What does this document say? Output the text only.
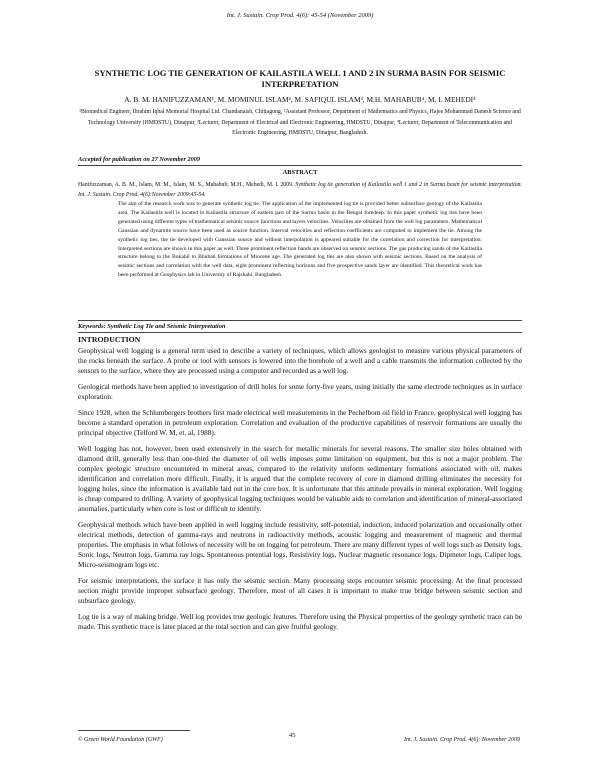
Int. J. Sustain. Crop Prod. 4(6): 45-54 (November 2009)
SYNTHETIC LOG TIE GENERATION OF KAILASTILA WELL 1 AND 2 IN SURMA BASIN FOR SEISMIC INTERPRETATION
A. B. M. HANIFUZZAMAN¹, M. MOMINUL ISLAM², M. SAFIQUL ISLAM³, M.H. MAHABUB⁴, M. I. MEHEDI⁴
¹Biomedical Engineer, Ibrahim Iqbal Memorial Hospital Ltd. Chandanaish, Chittagong, ²Assistant Professor, Department of Mathematics and Physics, Hajee Mohammad Danesh Science and Technology University (HMDSTU), Dinajpur, ³Lecturer, Department of Electrical and Electronic Engineering, HMDSTU, Dinajpur, ⁴Lecturer, Department of Telecommunication and Electronic Engineering, HMDSTU, Dinajpur, Bangladesh.
Accepted for publication on 27 November 2009
ABSTRACT
Hanifuzzaman, A. B. M., Islam, M. M., Islam, M. S., Mahabub, M.H., Mehedi, M. I. 2009. Synthetic log tie generation of Kailastila well 1 and 2 in Surma basin for seismic interpretation. Int. J. Sustain. Crop Prod. 4(6):November 2009:45-54.
The aim of the research work was to generate synthetic log tie. The application of the implemented log tie is provided better subsurface geology of the Kailastila area. The Kailastila well is located in Kailastila structure of eastern part of the Surma basin in the Bengal foredeep. In this paper synthetic log ties have been generated using different types of mathematical seismic source functions and layers velocities. Velocities are obtained from the well log parameters. Mathematical Gaussian and dynamite source have been used as source function. Interval velocities and reflection coefficients are computed to implement the tie. Among the synthetic log ties, the tie developed with Gaussian source and without interpolation is appeared suitable for the correlation and correction for interpretation. Interpreted sections are shown in this paper as well. Three prominent reflection bands are observed on seismic sections. The gas producing sands of the Kailastila structure belong to the Bokabil to Bhuban formations of Miocene age. The generated log ties are also shown with seismic sections. Based on the analysis of seismic sections and correlation with the well data, eight prominent reflecting horizons and five prospective sands layer are identified. This theoretical work has been performed at Geophysics lab in University of Rajshahi, Bangladesh.
Keywords: Synthetic Log Tie and Seismic Interpretation
INTRODUCTION

Geophysical well logging is a general term used to describe a variety of techniques, which allows geologist to measure various physical parameters of the rocks beneath the surface. A probe or tool with sensors is lowered into the borehole of a well and a cable transmits the information collected by the sensors to the surface, where they are processed using a computer and recorded as a well log.

Geological methods have been applied to investigation of drill holes for some forty-five years, using initially the same electrode techniques as in surface exploration.

Since 1928, when the Schlumbergers brothers first made electrical well measurements in the Pechelbom oil field in France, geophysical well logging has become a standard operation in petroleum exploration. Correlation and evaluation of the productive capabilities of reservoir formations are usually the principal objective (Telford W. M, et. al, 1988).

Well logging has not, however, been used extensively in the search for metallic minerals for several reasons. The smaller size holes obtained with diamond drill, generally less than one-third the diameter of oil wells imposes some limitation on equipment, but this is not a major problem. The complex geologic structure encountered in mineral areas, compared to the relativity uniform sedimentary formations associated with oil, makes identification and correlation more difficult. Finally, it is argued that the complete recovery of core in diamond drilling eliminates the necessity for logging holes, since the information is available laid out in the core box. It is unfortunate that this attitude prevails in mineral exploration. Well logging is cheap compared to drilling. A variety of geophysical logging techniques would be valuable aids to correlation and identification of mineral-associated anomalies, particularly when core is lost or difficult to identify.

Geophysical methods which have been applied in well logging include resistivity, self-potential, induction, induced polarization and occasionally other electrical methods, detection of gamma-rays and neutrons in radioactivity methods, acoustic logging and measurement of magnetic and thermal properties. The emphasis in what follows of necessity will be on logging for petroleum. There are many different types of well logs such as Density logs, Sonic logs, Neutron logs, Gamma ray logs, Spontaneous potential logs, Resistivity logs, Nuclear magnetic resonance logs, Dipmeter logs, Caliper logs, Micro-seismogram logs etc.

For seismic interpretations, the surface it has only the seismic section. Many processing steps encounter seismic processing. At the final processed section might provide improper subsurface geology. Therefore, most of all cases it is important to make true bridge between seismic section and subsurface geology.

Log tie is a way of making bridge. Well log provides true geologic features. Therefore using the Physical properties of the geology synthetic trace can be made. This synthetic trace is later placed at the total section and can give fruitful geology.

© Green World Foundation (GWF)
45
Int. J. Sustain. Crop Prod. 4(6): November 2009
